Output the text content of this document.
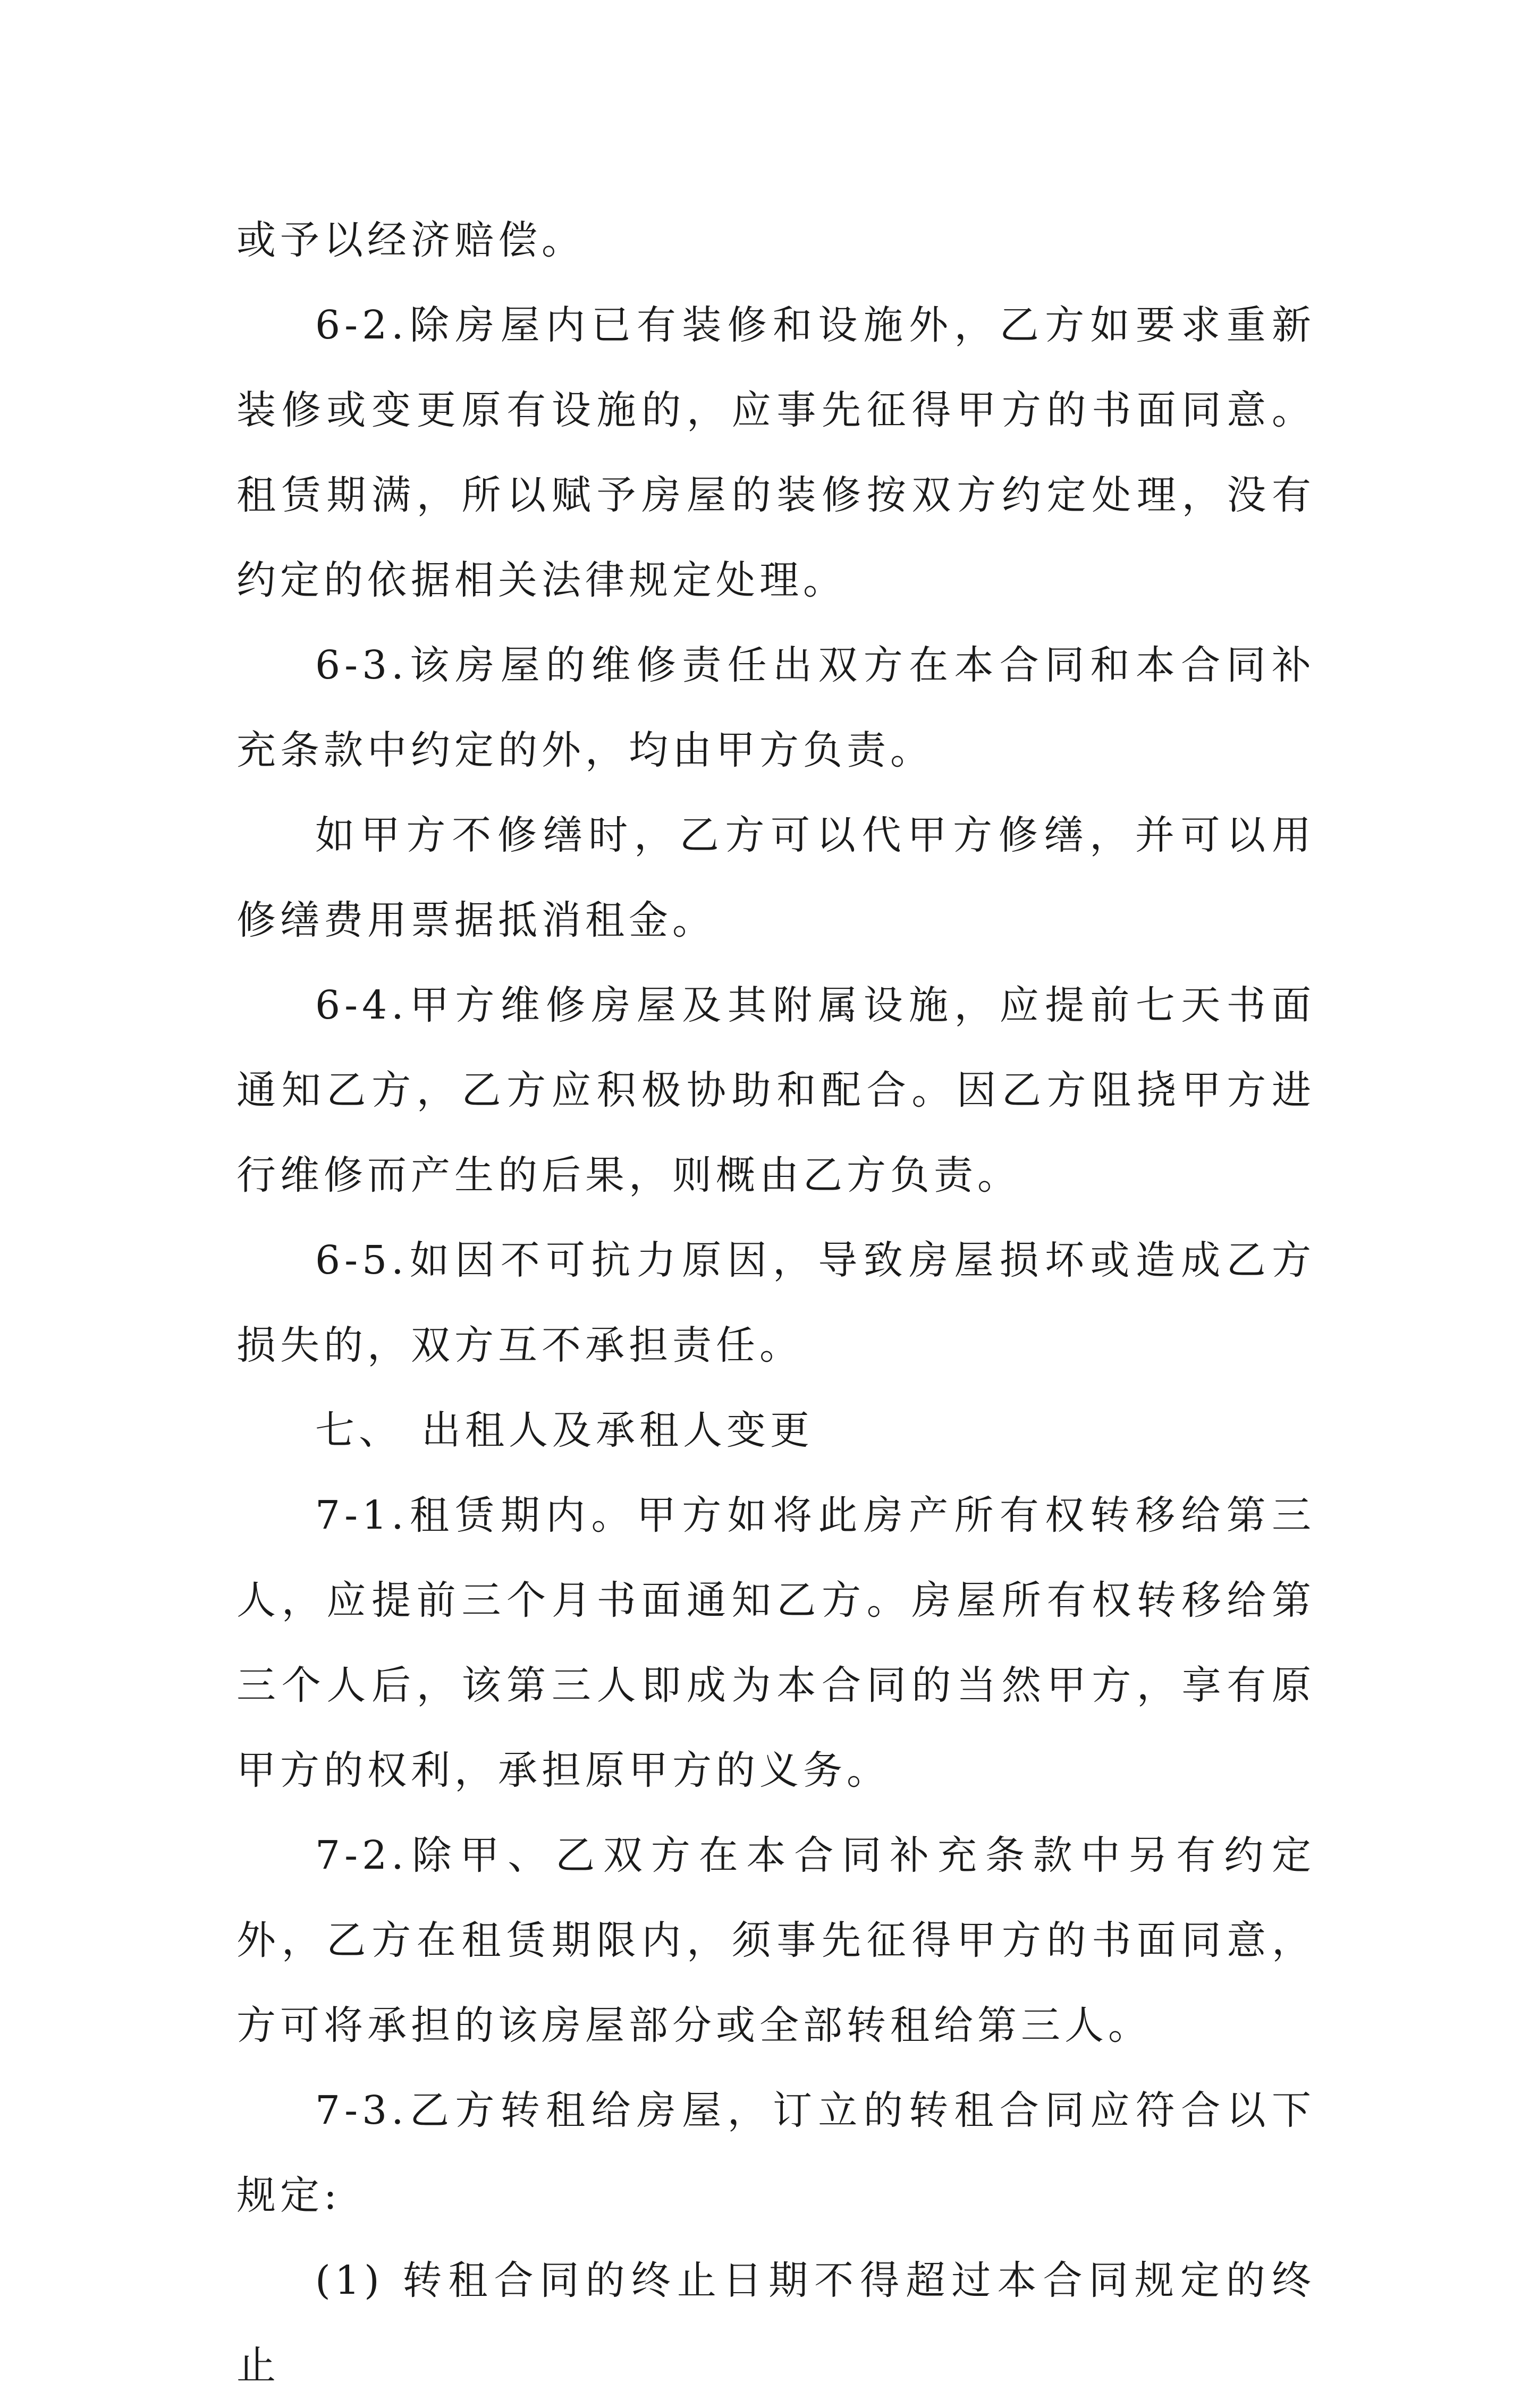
或予以经济赔偿。

6-2.除房屋内已有装修和设施外，乙方如要求重新装修或变更原有设施的，应事先征得甲方的书面同意。租赁期满，所以赋予房屋的装修按双方约定处理，没有约定的依据相关法律规定处理。

6-3.该房屋的维修责任出双方在本合同和本合同补充条款中约定的外，均由甲方负责。

如甲方不修缮时，乙方可以代甲方修缮，并可以用修缮费用票据抵消租金。

6-4.甲方维修房屋及其附属设施，应提前七天书面通知乙方，乙方应积极协助和配合。因乙方阻挠甲方进行维修而产生的后果，则概由乙方负责。

6-5.如因不可抗力原因，导致房屋损坏或造成乙方损失的，双方互不承担责任。

七、 出租人及承租人变更

7-1.租赁期内。甲方如将此房产所有权转移给第三人，应提前三个月书面通知乙方。房屋所有权转移给第三个人后，该第三人即成为本合同的当然甲方，享有原甲方的权利，承担原甲方的义务。

7-2.除甲、乙双方在本合同补充条款中另有约定外，乙方在租赁期限内，须事先征得甲方的书面同意，方可将承担的该房屋部分或全部转租给第三人。

7-3.乙方转租给房屋，订立的转租合同应符合以下规定:

(1) 转租合同的终止日期不得超过本合同规定的终止
